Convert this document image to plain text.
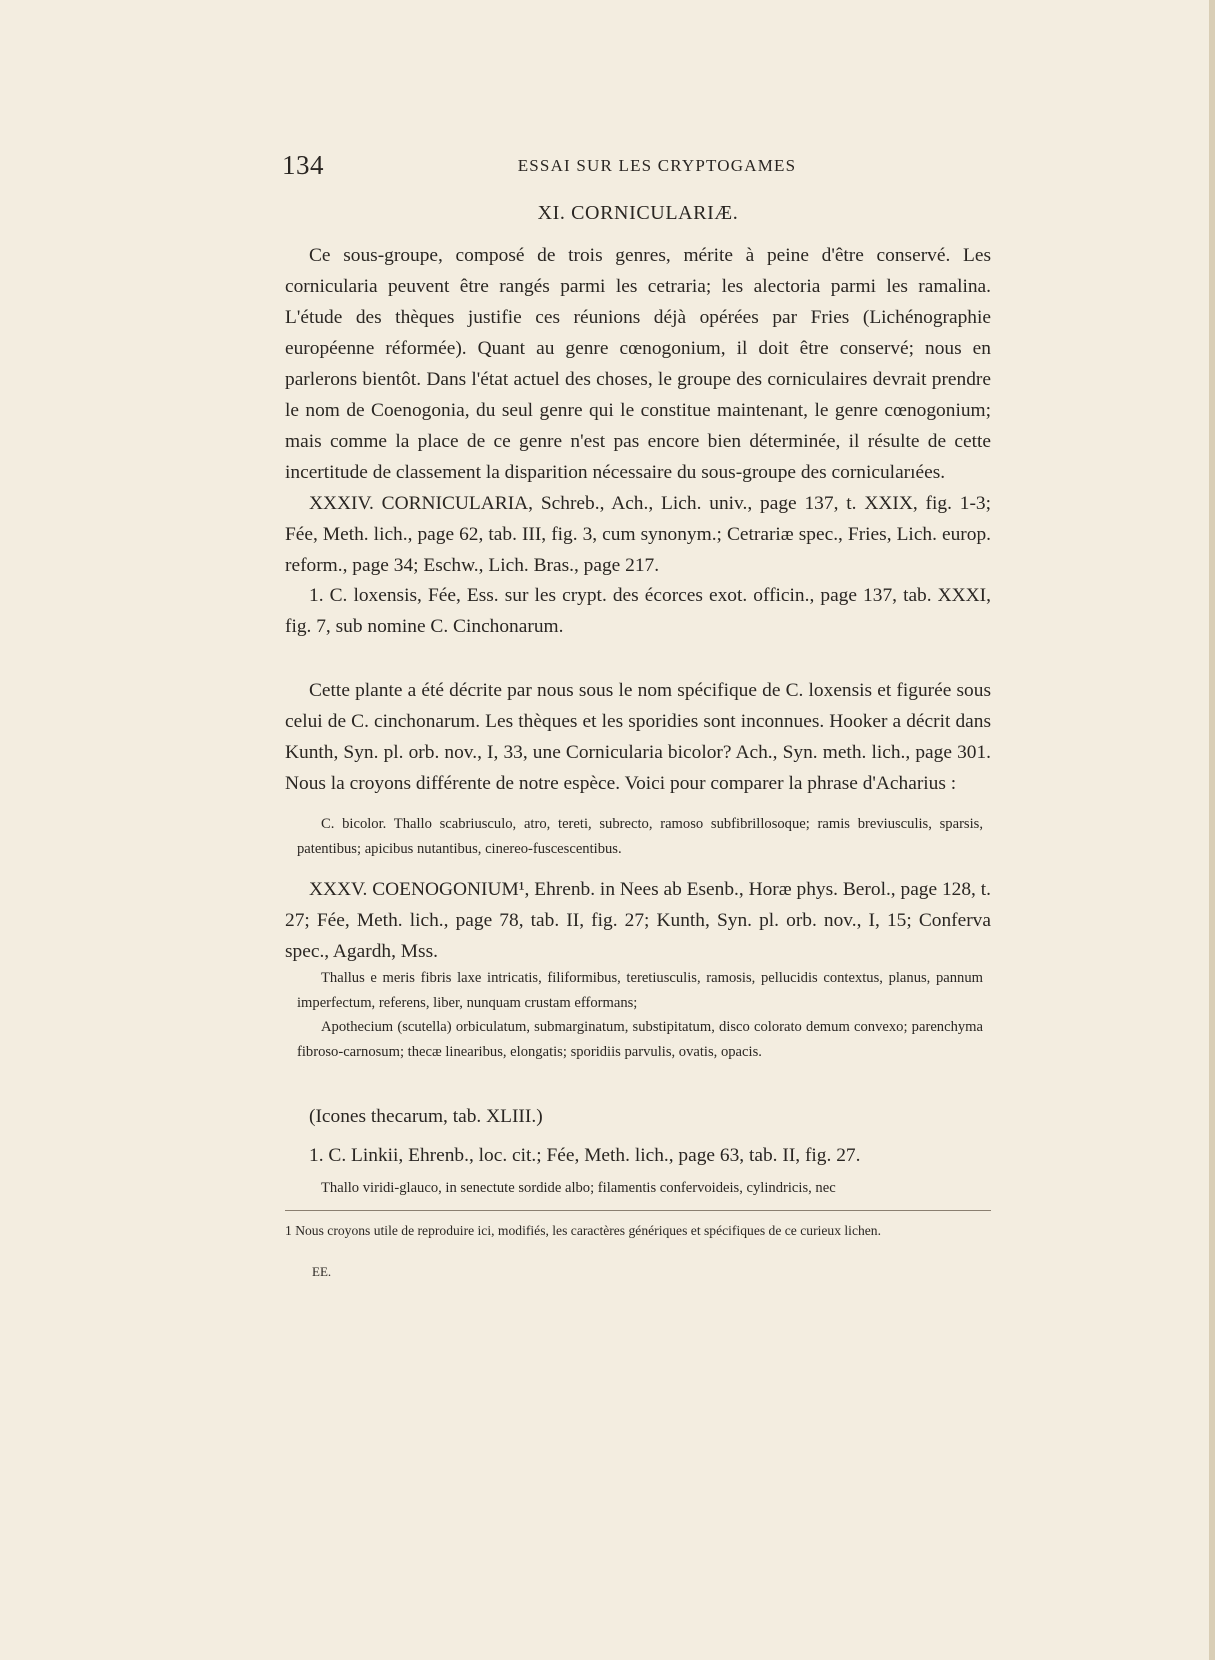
134	ESSAI SUR LES CRYPTOGAMES
XI. CORNICULARIÆ.

Ce sous-groupe, composé de trois genres, mérite à peine d'être conservé. Les cornicularia peuvent être rangés parmi les cetraria; les alectoria parmi les ramalina. L'étude des thèques justifie ces réunions déjà opérées par Fries (Lichénographie européenne réformée). Quant au genre cœnogonium, il doit être conservé; nous en parlerons bientôt. Dans l'état actuel des choses, le groupe des corniculaires devrait prendre le nom de Coenogonia, du seul genre qui le constitue maintenant, le genre cœnogonium; mais comme la place de ce genre n'est pas encore bien déterminée, il résulte de cette incertitude de classement la disparition nécessaire du sous-groupe des cornicularıées.

XXXIV. CORNICULARIA, Schreb., Ach., Lich. univ., page 137, t. XXIX, fig. 1-3; Fée, Meth. lich., page 62, tab. III, fig. 3, cum synonym.; Cetrariæ spec., Fries, Lich. europ. reform., page 34; Eschw., Lich. Bras., page 217.

1. C. loxensis, Fée, Ess. sur les crypt. des écorces exot. officin., page 137, tab. XXXI, fig. 7, sub nomine C. Cinchonarum.

Cette plante a été décrite par nous sous le nom spécifique de C. loxensis et figurée sous celui de C. cinchonarum. Les thèques et les sporidies sont inconnues. Hooker a décrit dans Kunth, Syn. pl. orb. nov., I, 33, une Cornicularia bicolor? Ach., Syn. meth. lich., page 301. Nous la croyons différente de notre espèce. Voici pour comparer la phrase d'Acharius :

C. bicolor. Thallo scabriusculo, atro, tereti, subrecto, ramoso subfibrillosoque; ramis breviusculis, sparsis, patentibus; apicibus nutantibus, cinereo-fuscescentibus.

XXXV. COENOGONIUM¹, Ehrenb. in Nees ab Esenb., Horæ phys. Berol., page 128, t. 27; Fée, Meth. lich., page 78, tab. II, fig. 27; Kunth, Syn. pl. orb. nov., I, 15; Conferva spec., Agardh, Mss.

Thallus e meris fibris laxe intricatis, filiformibus, teretiusculis, ramosis, pellucidis contextus, planus, pannum imperfectum, referens, liber, nunquam crustam efformans;

Apothecium (scutella) orbiculatum, submarginatum, substipitatum, disco colorato demum convexo; parenchyma fibroso-carnosum; thecæ linearibus, elongatis; sporidiis parvulis, ovatis, opacis.

(Icones thecarum, tab. XLIII.)

1. C. Linkii, Ehrenb., loc. cit.; Fée, Meth. lich., page 63, tab. II, fig. 27.

Thallo viridi-glauco, in senectute sordide albo; filamentis confervoideis, cylindricis, nec

1 Nous croyons utile de reproduire ici, modifiés, les caractères génériques et spécifiques de ce curieux lichen.

EE.
